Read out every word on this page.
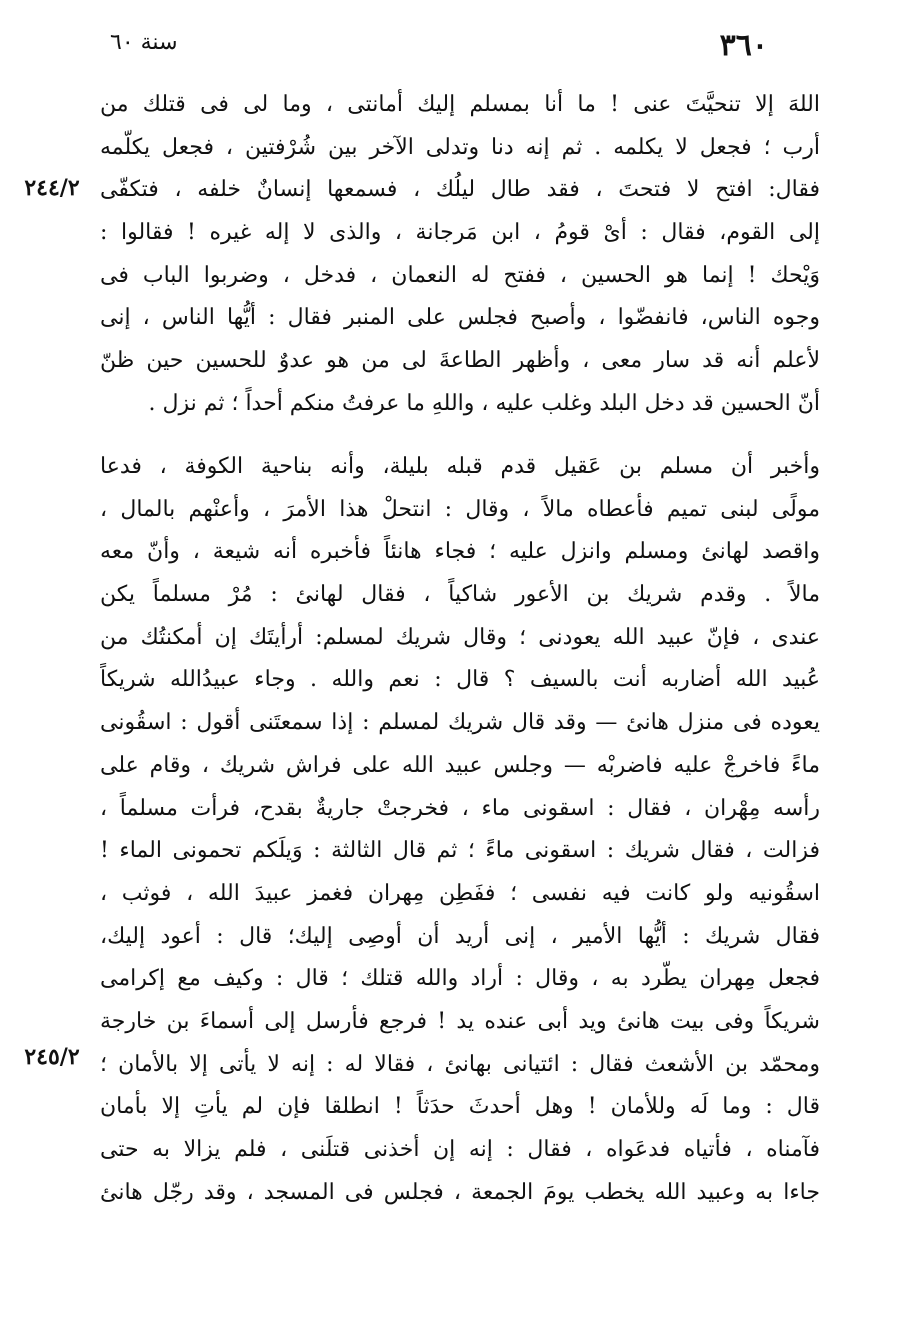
٣٦٠
سنة ٦٠
٢٤٤/٢
٢٤٥/٢
اللهَ إلا تنحيَّتَ عنى ! ما أنا بمسلم إليك أمانتى ، وما لى فى قتلك من
أرب ؛ فجعل لا يكلمه . ثم إنه دنا وتدلى الآخر بين شُرْفتين ، فجعل يكلّمه
فقال: افتح لا فتحتَ ، فقد طال ليلُك ، فسمعها إنسانٌ خلفه ، فتكفّى
إلى القوم، فقال : أىْ قومُ ، ابن مَرجانة ، والذى لا إله غيره ! فقالوا :
وَيْحك ! إنما هو الحسين ، ففتح له النعمان ، فدخل ، وضربوا الباب فى
وجوه الناس، فانفضّوا ، وأصبح فجلس على المنبر فقال : أيُّها الناس ، إنى
لأعلم أنه قد سار معى ، وأظهر الطاعةَ لى من هو عدوٌ للحسين حين ظنّ
أنّ الحسين قد دخل البلد وغلب عليه ، واللهِ ما عرفتُ منكم أحداً ؛ ثم نزل .
وأخبر أن مسلم بن عَقيل قدم قبله بليلة، وأنه بناحية الكوفة ، فدعا
مولًى لبنى تميم فأعطاه مالاً ، وقال : انتحلْ هذا الأمرَ ، وأعنْهم بالمال ،
واقصد لهانئ ومسلم وانزل عليه ؛ فجاء هانئاً فأخبره أنه شيعة ، وأنّ معه
مالاً . وقدم شريك بن الأعور شاكياً ، فقال لهانئ : مُرْ مسلماً يكن
عندى ، فإنّ عبيد الله يعودنى ؛ وقال شريك لمسلم: أرأيتَك إن أمكنتُك من
عُبيد الله أضاربه أنت بالسيف ؟ قال : نعم والله . وجاء عبيدُالله شريكاً
يعوده فى منزل هانئ — وقد قال شريك لمسلم : إذا سمعتَنى أقول : اسقُونى
ماءً فاخرجْ عليه فاضربْه — وجلس عبيد الله على فراش شريك ، وقام على
رأسه مِهْران ، فقال : اسقونى ماء ، فخرجتْ جاريةٌ بقدح، فرأت مسلماً ،
فزالت ، فقال شريك : اسقونى ماءً ؛ ثم قال الثالثة : وَيلَكم تحمونى الماء !
اسقُونيه ولو كانت فيه نفسى ؛ ففَطِن مِهران فغمز عبيدَ الله ، فوثب ،
فقال شريك : أيُّها الأمير ، إنى أريد أن أوصِى إليك؛ قال : أعود إليك،
فجعل مِهران يطّرد به ، وقال : أراد والله قتلك ؛ قال : وكيف مع إكرامى
شريكاً وفى بيت هانئ ويد أبى عنده يد ! فرجع فأرسل إلى أسماءَ بن خارجة
ومحمّد بن الأشعث فقال : ائتيانى بهانئ ، فقالا له : إنه لا يأتى إلا بالأمان ؛
قال : وما لَه وللأمان ! وهل أحدثَ حدَثاً ! انطلقا فإن لم يأتِ إلا بأمان
فآمناه ، فأتياه فدعَواه ، فقال : إنه إن أخذنى قتلَنى ، فلم يزالا به حتى
جاءا به وعبيد الله يخطب يومَ الجمعة ، فجلس فى المسجد ، وقد رجّل هانئ
